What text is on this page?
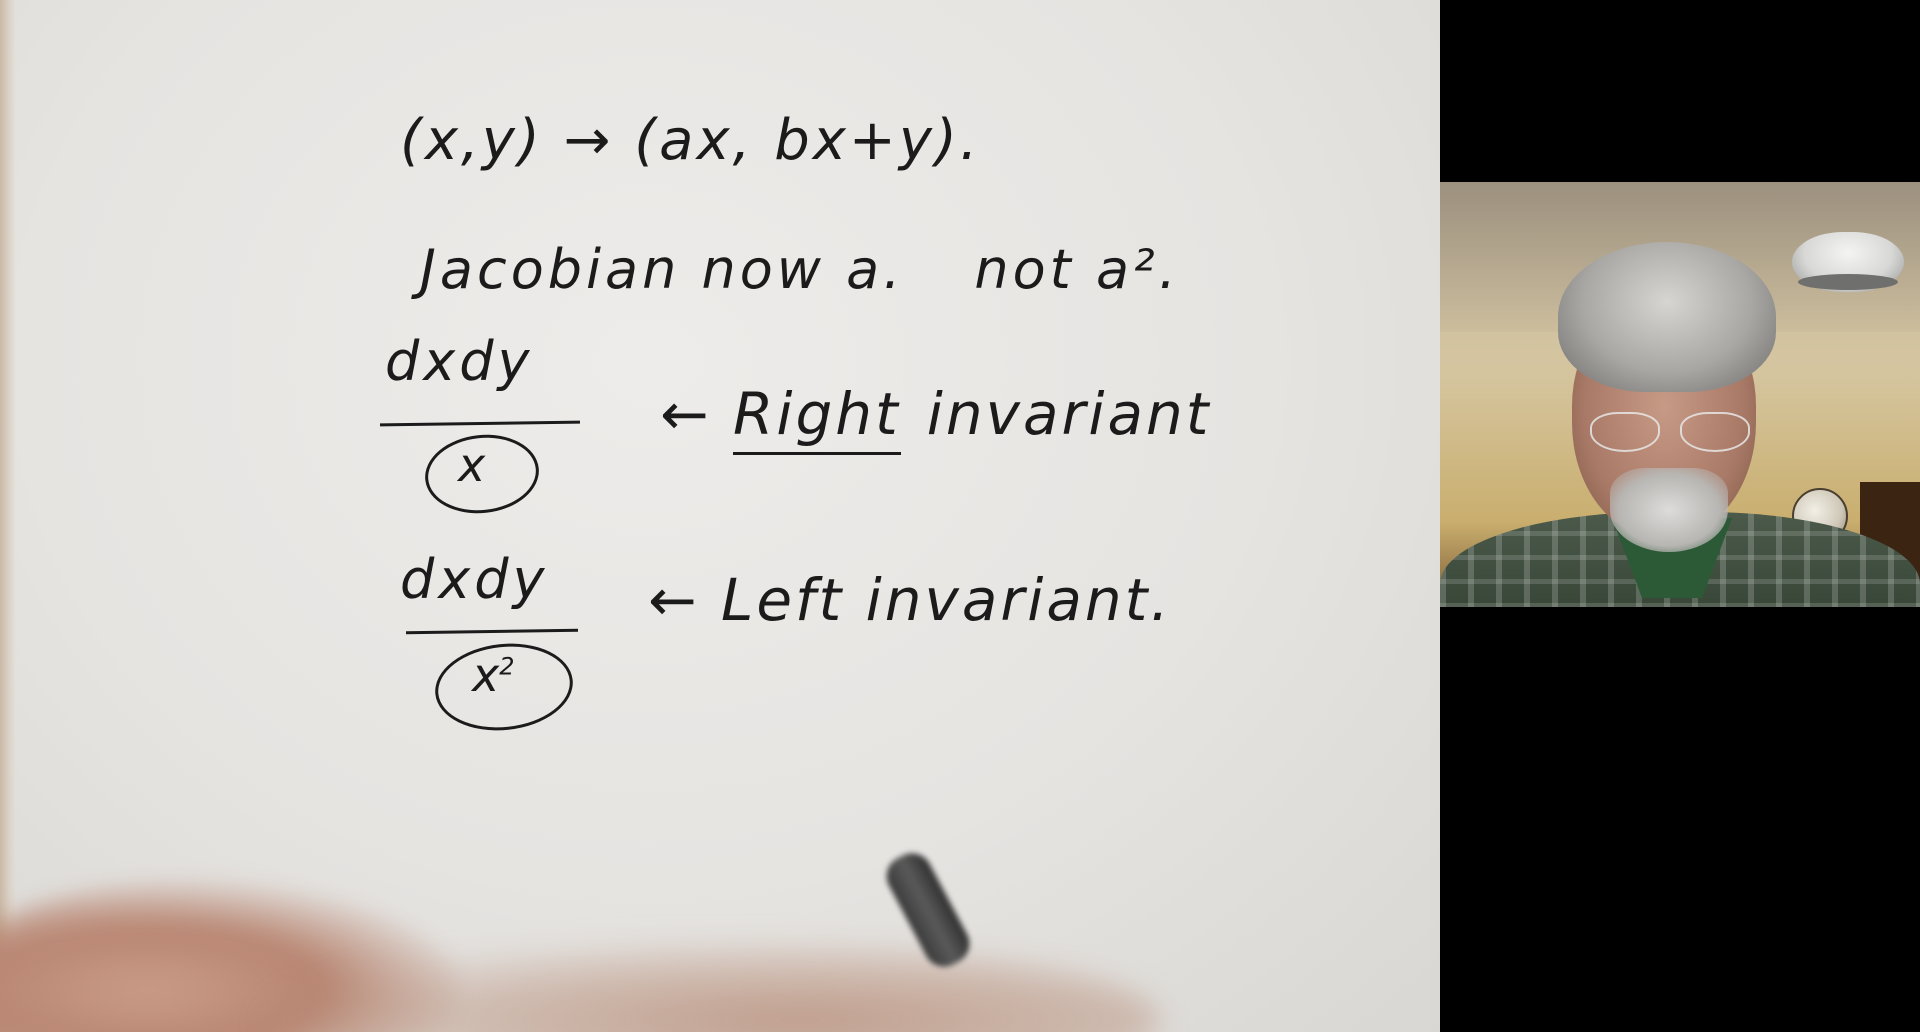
(x,y) → (ax, bx+y).
Jacobian now a. not a².
dxdy
x
← Right invariant
dxdy
$x^2$
← Left invariant.
